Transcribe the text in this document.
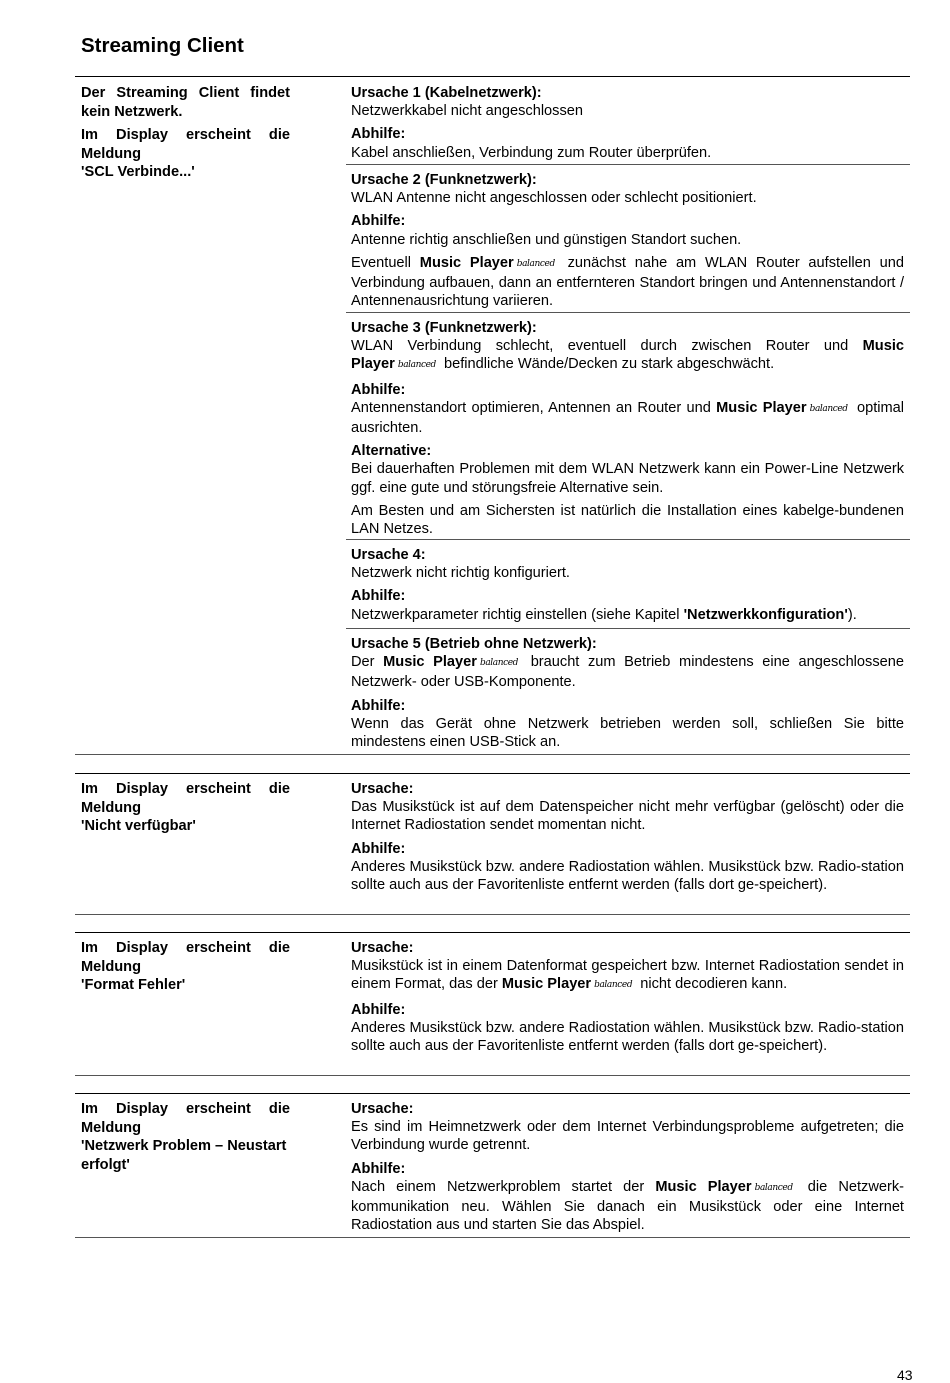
Streaming Client

Der Streaming Client findet kein Netzwerk.

Im Display erscheint die Meldung
'SCL Verbinde...'

Ursache 1 (Kabelnetzwerk):
Netzwerkkabel nicht angeschlossen
Abhilfe:
Kabel anschließen, Verbindung zum Router überprüfen.
Ursache 2 (Funknetzwerk):
WLAN Antenne nicht angeschlossen oder schlecht positioniert.
Abhilfe:
Antenne richtig anschließen und günstigen Standort suchen.
Eventuell Music Player balanced zunächst nahe am WLAN Router aufstellen und Verbindung aufbauen, dann an entfernteren Standort bringen und Antennenstandort / Antennenausrichtung variieren.
Ursache 3 (Funknetzwerk):
WLAN Verbindung schlecht, eventuell durch zwischen Router und Music Player balanced befindliche Wände/Decken zu stark abgeschwächt.
Abhilfe:
Antennenstandort optimieren, Antennen an Router und Music Player balanced optimal ausrichten.
Alternative:
Bei dauerhaften Problemen mit dem WLAN Netzwerk kann ein Power-Line Netzwerk ggf. eine gute und störungsfreie Alternative sein.
Am Besten und am Sichersten ist natürlich die Installation eines kabelge-bundenen LAN Netzes.
Ursache 4:
Netzwerk nicht richtig konfiguriert.
Abhilfe:
Netzwerkparameter richtig einstellen (siehe Kapitel 'Netzwerkkonfiguration').
Ursache 5 (Betrieb ohne Netzwerk):
Der Music Player balanced braucht zum Betrieb mindestens eine angeschlossene Netzwerk- oder USB-Komponente.
Abhilfe:
Wenn das Gerät ohne Netzwerk betrieben werden soll, schließen Sie bitte mindestens einen USB-Stick an.

Im Display erscheint die Meldung
'Nicht verfügbar'

Ursache:
Das Musikstück ist auf dem Datenspeicher nicht mehr verfügbar (gelöscht) oder die Internet Radiostation sendet momentan nicht.
Abhilfe:
Anderes Musikstück bzw. andere Radiostation wählen. Musikstück bzw. Radio-station sollte auch aus der Favoritenliste entfernt werden (falls dort ge-speichert).

Im Display erscheint die Meldung
'Format Fehler'

Ursache:
Musikstück ist in einem Datenformat gespeichert bzw. Internet Radiostation sendet in einem Format, das der Music Player balanced nicht decodieren kann.
Abhilfe:
Anderes Musikstück bzw. andere Radiostation wählen. Musikstück bzw. Radio-station sollte auch aus der Favoritenliste entfernt werden (falls dort ge-speichert).

Im Display erscheint die Meldung
'Netzwerk Problem – Neustart erfolgt'

Ursache:
Es sind im Heimnetzwerk oder dem Internet Verbindungsprobleme aufgetreten; die Verbindung wurde getrennt.
Abhilfe:
Nach einem Netzwerkproblem startet der Music Player balanced die Netzwerk-kommunikation neu. Wählen Sie danach ein Musikstück oder eine Internet Radiostation aus und starten Sie das Abspiel.
43
